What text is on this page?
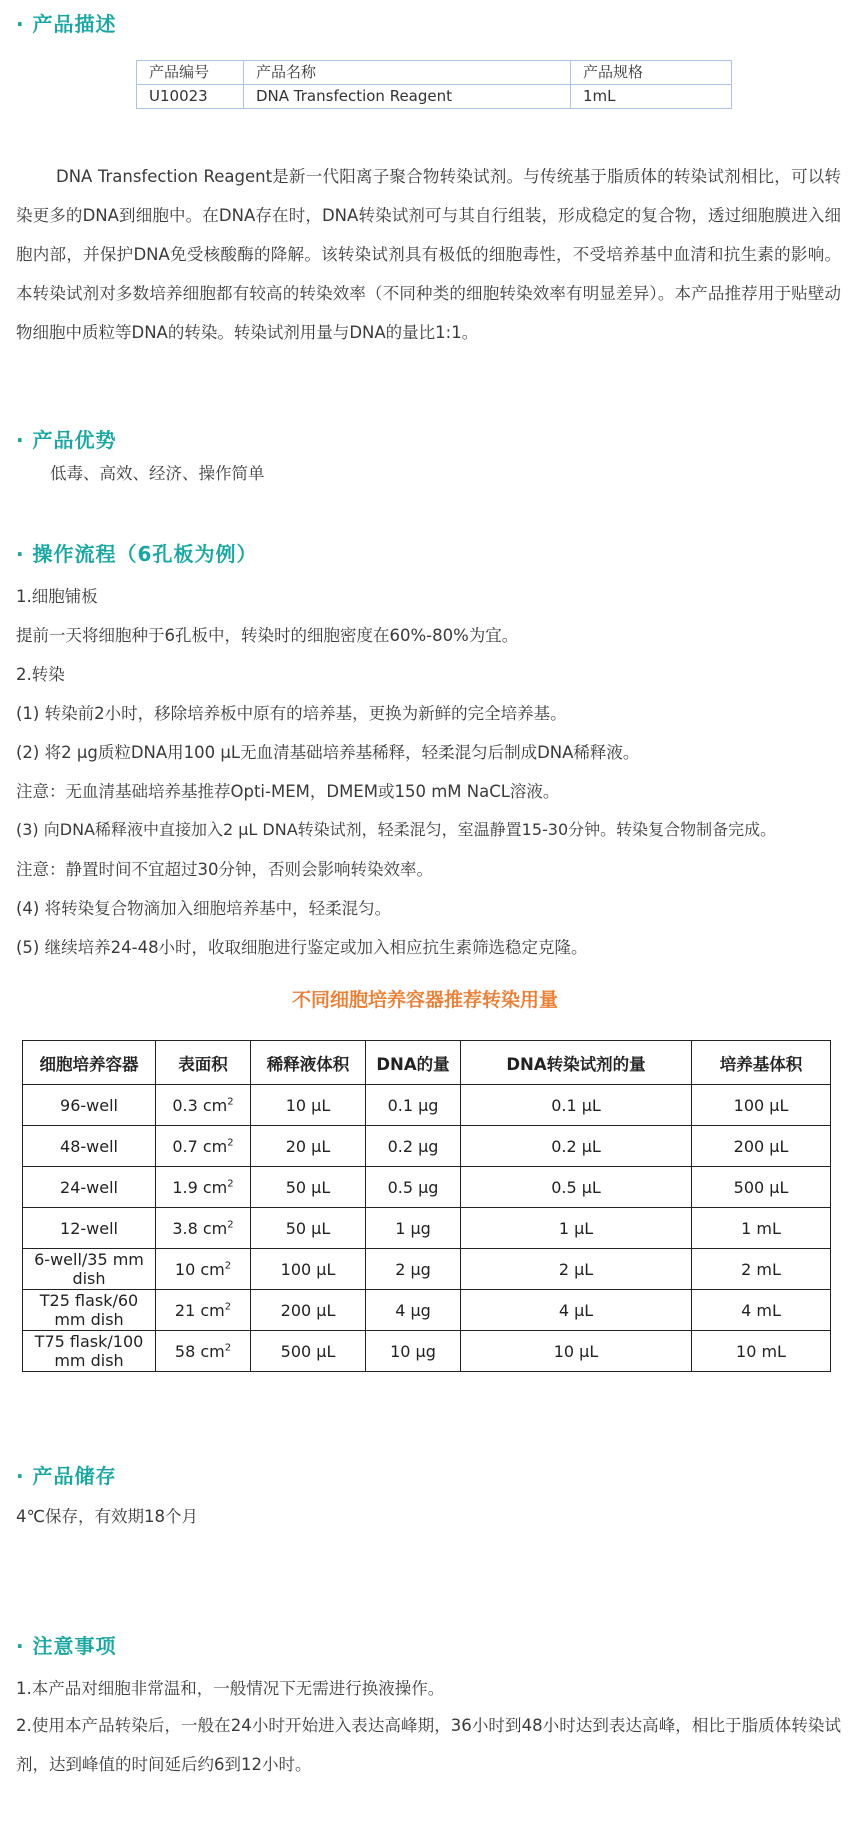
· 产品描述
产品编号	产品名称	产品规格
U10023	DNA Transfection Reagent	1mL
DNA Transfection Reagent是新一代阳离子聚合物转染试剂。与传统基于脂质体的转染试剂相比，可以转染更多的DNA到细胞中。在DNA存在时，DNA转染试剂可与其自行组装，形成稳定的复合物，透过细胞膜进入细胞内部，并保护DNA免受核酸酶的降解。该转染试剂具有极低的细胞毒性，不受培养基中血清和抗生素的影响。本转染试剂对多数培养细胞都有较高的转染效率（不同种类的细胞转染效率有明显差异）。本产品推荐用于贴壁动物细胞中质粒等DNA的转染。转染试剂用量与DNA的量比1:1。
· 产品优势
低毒、高效、经济、操作简单
· 操作流程（6孔板为例）
1.细胞铺板
提前一天将细胞种于6孔板中，转染时的细胞密度在60%-80%为宜。
2.转染
(1) 转染前2小时，移除培养板中原有的培养基，更换为新鲜的完全培养基。
(2) 将2 μg质粒DNA用100 μL无血清基础培养基稀释，轻柔混匀后制成DNA稀释液。
注意：无血清基础培养基推荐Opti-MEM，DMEM或150 mM NaCL溶液。
(3) 向DNA稀释液中直接加入2 μL DNA转染试剂，轻柔混匀，室温静置15-30分钟。转染复合物制备完成。
注意：静置时间不宜超过30分钟，否则会影响转染效率。
(4) 将转染复合物滴加入细胞培养基中，轻柔混匀。
(5) 继续培养24-48小时，收取细胞进行鉴定或加入相应抗生素筛选稳定克隆。
不同细胞培养容器推荐转染用量
细胞培养容器	表面积	稀释液体积	DNA的量	DNA转染试剂的量	培养基体积
96-well	0.3 $cm^2$	10 μL	0.1 μg	0.1 μL	100 μL
48-well	0.7 $cm^2$	20 μL	0.2 μg	0.2 μL	200 μL
24-well	1.9 $cm^2$	50 μL	0.5 μg	0.5 μL	500 μL
12-well	3.8 $cm^2$	50 μL	1 μg	1 μL	1 mL
6-well/35 mm dish	10 $cm^2$	100 μL	2 μg	2 μL	2 mL
T25 flask/60 mm dish	21 $cm^2$	200 μL	4 μg	4 μL	4 mL
T75 flask/100 mm dish	58 $cm^2$	500 μL	10 μg	10 μL	10 mL
· 产品储存
4℃保存，有效期18个月
· 注意事项
1.本产品对细胞非常温和，一般情况下无需进行换液操作。
2.使用本产品转染后，一般在24小时开始进入表达高峰期，36小时到48小时达到表达高峰，相比于脂质体转染试剂，达到峰值的时间延后约6到12小时。
